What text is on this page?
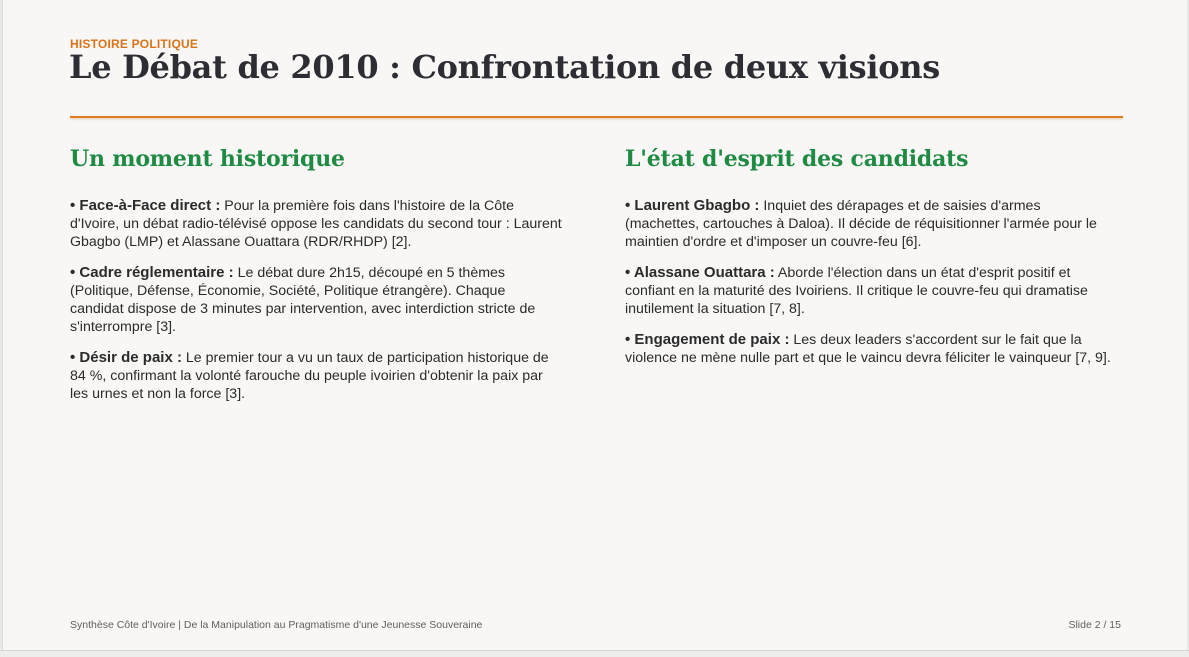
HISTOIRE POLITIQUE

Le Débat de 2010 : Confrontation de deux visions
Un moment historique

• Face-à-Face direct : Pour la première fois dans l'histoire de la Côte d'Ivoire, un débat radio-télévisé oppose les candidats du second tour : Laurent Gbagbo (LMP) et Alassane Ouattara (RDR/RHDP) [2].

• Cadre réglementaire : Le débat dure 2h15, découpé en 5 thèmes (Politique, Défense, Économie, Société, Politique étrangère). Chaque candidat dispose de 3 minutes par intervention, avec interdiction stricte de s'interrompre [3].

• Désir de paix : Le premier tour a vu un taux de participation historique de 84 %, confirmant la volonté farouche du peuple ivoirien d'obtenir la paix par les urnes et non la force [3].

L'état d'esprit des candidats

• Laurent Gbagbo : Inquiet des dérapages et de saisies d'armes (machettes, cartouches à Daloa). Il décide de réquisitionner l'armée pour le maintien d'ordre et d'imposer un couvre-feu [6].

• Alassane Ouattara : Aborde l'élection dans un état d'esprit positif et confiant en la maturité des Ivoiriens. Il critique le couvre-feu qui dramatise inutilement la situation [7, 8].

• Engagement de paix : Les deux leaders s'accordent sur le fait que la violence ne mène nulle part et que le vaincu devra féliciter le vainqueur [7, 9].

Synthèse Côte d'Ivoire | De la Manipulation au Pragmatisme d'une Jeunesse Souveraine	Slide 2 / 15
